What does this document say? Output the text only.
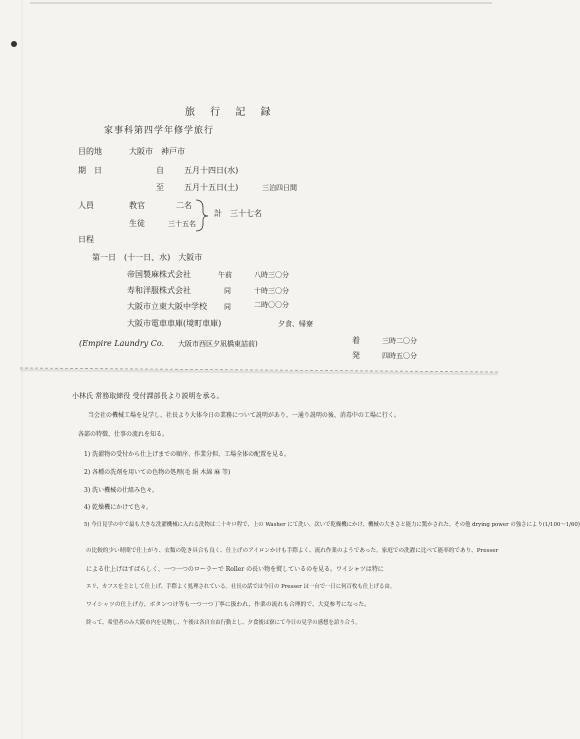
旅 行 記 録
家事科第四学年修学旅行
目的地	大阪市　神戸市
期　日	自	五月十四日(水)
至	五月十五日(土)	三泊四日間
人員	教官	二名
生徒	三十五名
計　三十七名
日程
第一日　(十一日、水)　大阪市
帝国製麻株式会社	午前	八時三〇分
寿和洋服株式会社	同	十時三〇分
大阪市立東大阪中学校 同	二時〇〇分
大阪市電車車庫(境町車庫)	夕食、帰寮
(Empire Laundry Co. 大阪市西区夕凪橋東詰前)	着	三時二〇分
発	四時五〇分
小林氏 常務取締役 受付課部長より説明を承る。
当会社の機械工場を見学し、社長より大体今日の業務について説明があり、一通り説明の後、消毒中の工場に行く。
各部の特徴、仕事の流れを知る。
1) 洗濯物の受付から仕上げまでの順序、作業分担、工場全体の配置を見る。
2) 各種の洗剤を用いての色物の処理(毛 絹 木綿 麻 等)
3) 洗い機械の仕組み色々。
4) 乾燥機にかけて色々。
5) 今日見学の中で最も大きな洗濯機械に入れる洗物は二十キロ程で、上の Washer にて洗い、次いで乾燥機にかけ、機械の大きさと能力に驚かされた。その他 drying power の強さにより(1/100〜1/60)
の比較的少い時間で仕上がり、衣類の乾き具合も良く、仕上げのアイロンかけも手際よく、流れ作業のようであった。家庭での洗濯に比べて能率的であり、Presser
による仕上げはすばらしく、一つ一つのローラーで Roller の長い物を熨しているのを見る。ワイシャツは特に
エリ、カフスを主として仕上げ、手際よく処理されている。社長の話では今日の Presser は一台で一日に何百枚も仕上げる由。
ワイシャツの仕上げ方、ボタンつけ等も一つ一つ丁寧に扱われ、作業の流れも合理的で、大変参考になった。
終って、希望者のみ大阪市内を見物し、午後は各自自由行動とし、夕食後は寮にて今日の見学の感想を語り合う。
